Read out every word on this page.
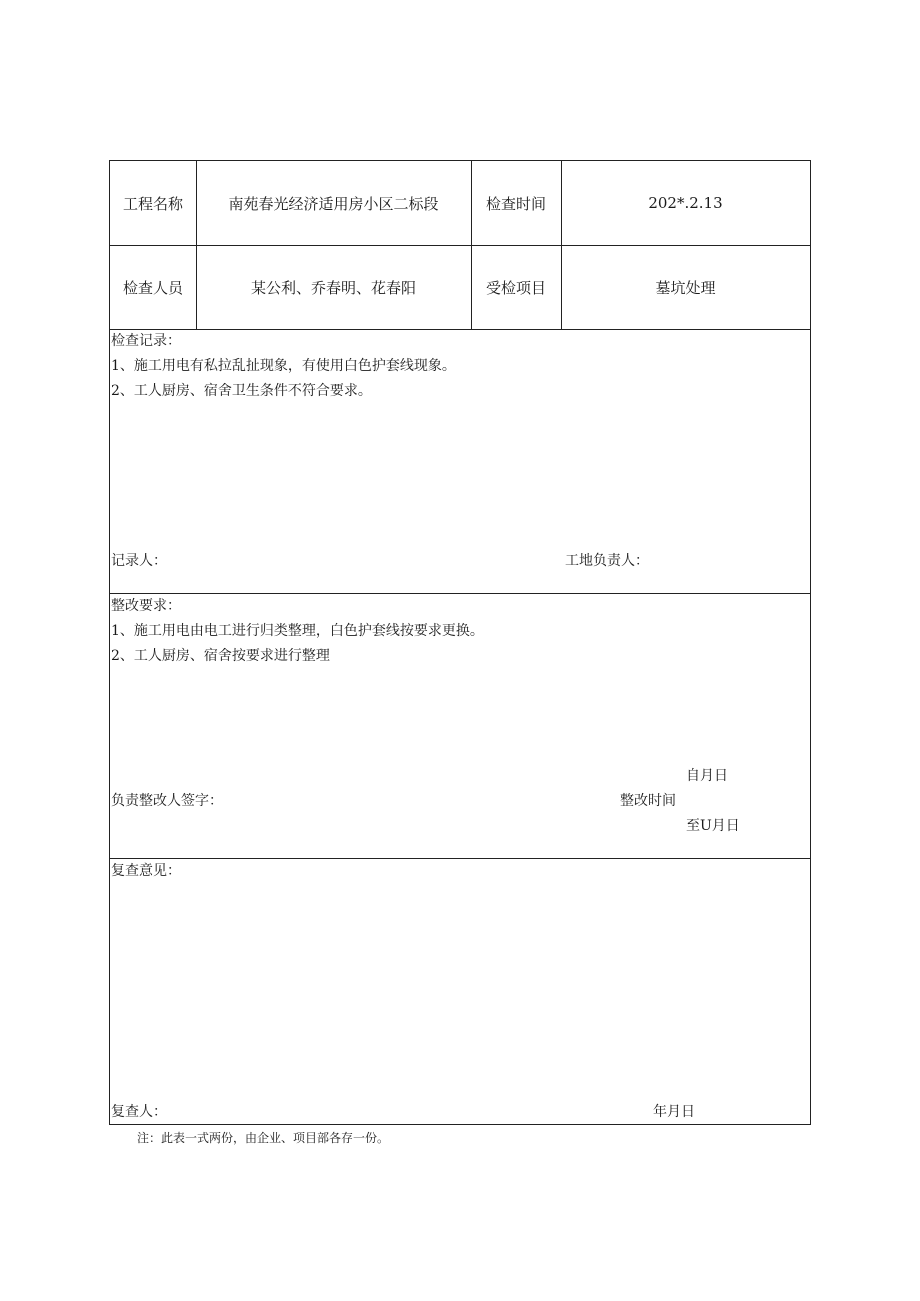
工程名称	南苑春光经济适用房小区二标段	检查时间	202*.2.13
检查人员	某公利、乔春明、花春阳	受检项目	墓坑处理
检查记录：
1、施工用电有私拉乱扯现象，有使用白色护套线现象。
2、工人厨房、宿舍卫生条件不符合要求。
记录人：	工地负责人：
整改要求：
1、施工用电由电工进行归类整理，白色护套线按要求更换。
2、工人厨房、宿舍按要求进行整理
自月日
负责整改人签字：	整改时间
至U月日
复查意见：
复查人：	年月日
注：此表一式两份，由企业、项目部各存一份。
